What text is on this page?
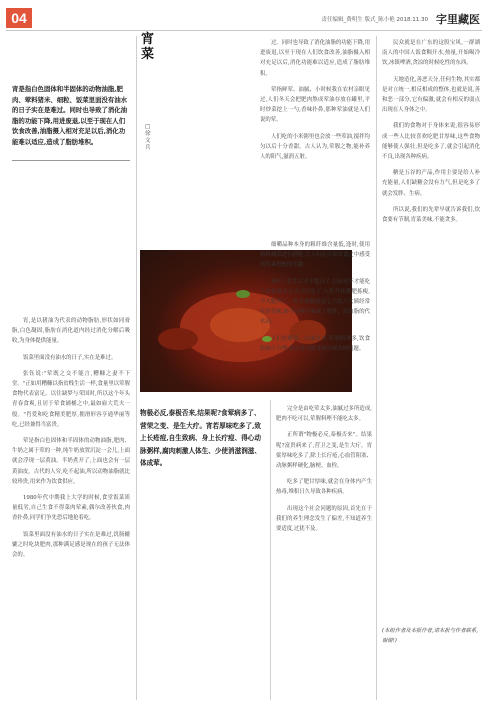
04	责任编辑_费明生 版式_陈小艳 2018.11.30 字里藏医
宵是指白色固体和半固体的动物油脂,肥肉、荤料猪米、细粒、饭菜里面没有油水的日子实在是难过。同时也导致了消化油脂的功能下降,用进废退,以至于现在人们饮食改善,油脂摄入相对充足以后,消化功能难以适应,造成了脂肪堆积。
宵菜
□徐文兵

宵,是以猪油为代表的动物脂肪,形状如同膏脂,白色凝固,脂肪在消化道内经过消化分解后吸收,为身体提供能量。

饭菜里面没有油水的日子,实在是难过。

张钰说:"荤既之交不能言,糟糠之妻不下堂。"正如用糟糠以指贫贱生活一样,食量里以荤腥食物代表富足。以往缺梦与荣国时,所以这个年头青春食爽,且居于荤食铺桶之中,最如雇大荒夫一般。"肖爱和吃食精美肥厚,拥滑形容亨通华丽等吃,已经兼得当富贵。

荤是指白色固体和半固体的动物油脂,肥肉、牛奶之属于荤的一种,纯牛奶放置沉淀一会儿,上面就会浮现一层黄油。半奶煮开了,上面也会有一层黄油皮。古代的人穷,吃不起油,所以动物油脂就比较珍贵,用来作为饮食供应。

1980年代中期我上大学的时候,食堂饭菜质量低劣,自己生食不得菜肉荤素,偶尔改善伙食,肉香扑鼻,同学们争先恐后地抢着吃。

饭菜里面没有油水的日子实在是难过,饥肠辘辘之时吃块肥肉,那种满足感是现在的孩子无法体会的。

过。同时也导致了消化油脂的功能下降,用进废退,以至于现在人们饮食改善,油脂摄入相对充足以后,消化功能难以适应,造成了脂肪堆积。

荤指鲜荤、油腻、小时候我在农村亲眼见过,人们冬天会把肥肉熬成荤油存放在罐里,平时炒菜挖上一勺,香味扑鼻,那种荤油就是人们说的荤。

人们吃的小米粥里也会放一些荤油,搅拌均匀以后十分香甜。古人认为,荤腥之物,能补养人的阳气,滋润五脏。

细嚼品种本身的粗纤维含量低,逢时,使用新鲜蔬菜进行搭配,让人们在日常饮食之中感受到荤素搭配的乐趣。

现在人们生活水平提高了,以前过年才能吃上的饭菜在天天可以吃了,人们开始挑肥拣瘦,不买肥肉了。吃荤油腻就是七大姑八大姨经常吃的美味,如今这种美味成了肥胖、高血脂的代名词。

人们吃精米、白面过多,荤腥料理多,饮食结构不合理,就容易导致身体出现各种问题。

物极必反,泰极否来,结果呢?食荤病多了、营荣之变、是生大疔。宵若厚味吃多了,致上长疮痘,自生致病、身上长疔痘、得心动脉粥样,腐肉刺激人体生、少使消滋润滋、体成荤。

完全是由吃荤太多,油腻过多所造成,肥肉不吃可以,荤腥料理不能吃太多。

正所谓"物极必反,泰极否来"。结果呢?富贵病来了,营卫之变,是生大疔。宵粱厚味吃多了,除上长疔疮,心血管阻塞、动脉粥样硬化,脑梗、血栓。

吃多了肥甘厚味,就会在身体内产生热毒,堆积日久导致各种疾病。

出现这个社会问题的原因,首先在于我们的养生理念发生了偏差,不知道养生要适度,过犹不及。

民众就是在广东的这股宝风,一群湖南人的中国人饭食稠开水,热量,开始喝冷饮,冰镇啤酒,贪凉的时候吃性的东西。

天地造化,善恶天分,任何生物,其实都是对立统一,相反相成的整体,也就是说,善和恶一部分,它有偏激,就会有相反的弱点出现在人身体之中。

我们的食物对于身体来说,很容易形成一些人比较喜欢吃肥甘厚味,这些食物能够使人强壮,但是吃多了,就会引起消化不良,出现各种疾病。

糖是五谷的产品,作用主要是给人补充能量,人们缺糖会没有力气,但是吃多了就会发胖、生病。

所以说,我们的先辈早就告诉我们,饮食要有节制,宵菜美味,不能贪多。

(本组作者及本报作者,请本报与作者联系,谢谢!)
